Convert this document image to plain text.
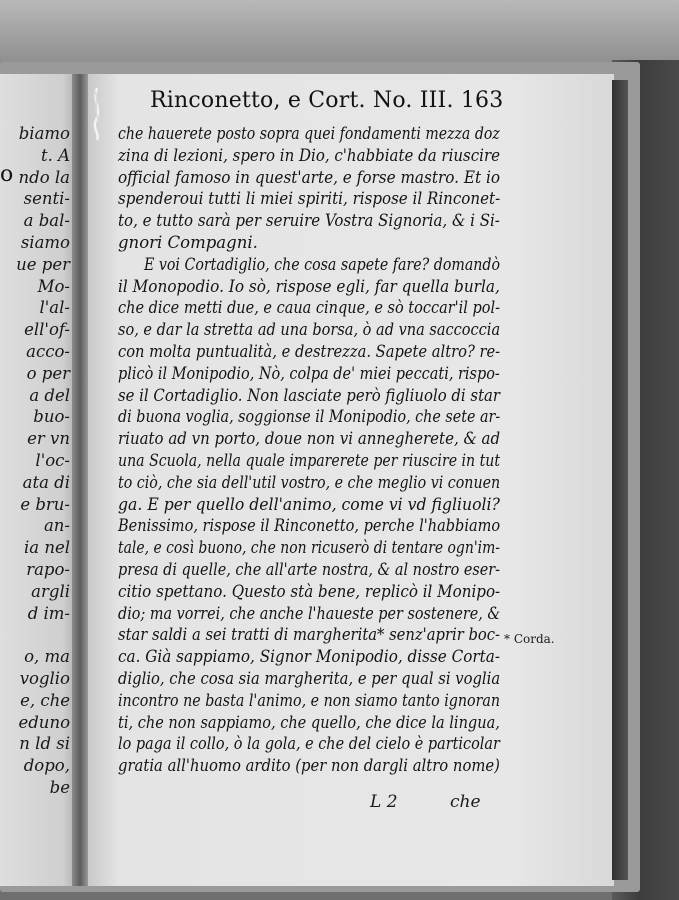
o
biamo
t. A
ndo la
senti-
a bal-
siamo
ue per
Mo-
l'al-
ell'of-
acco-
o per
a del
buo-
er vn
l'oc-
ata di
e bru-
an-
ia nel
rapo-
argli
d im-
o, ma
voglio
e, che
eduno
n ld si
dopo,
be
Rinconetto, e Cort. No. III. 163
che hauerete posto sopra quei fondamenti mezza doz
zina di lezioni, spero in Dio, c'habbiate da riuscire
official famoso in quest'arte, e forse mastro. Et io
spenderoui tutti li miei spiriti, rispose il Rinconet-
to, e tutto sarà per seruire Vostra Signoria, & i Si-
gnori Compagni.
E voi Cortadiglio, che cosa sapete fare? domandò
il Monopodio. Io sò, rispose egli, far quella burla,
che dice metti due, e caua cinque, e sò toccar'il pol-
so, e dar la stretta ad una borsa, ò ad vna saccoccia
con molta puntualità, e destrezza. Sapete altro? re-
plicò il Monipodio, Nò, colpa de' miei peccati, rispo-
se il Cortadiglio. Non lasciate però figliuolo di star
di buona voglia, soggionse il Monipodio, che sete ar-
riuato ad vn porto, doue non vi annegherete, & ad
una Scuola, nella quale imparerete per riuscire in tut
to ciò, che sia dell'util vostro, e che meglio vi conuen
ga. E per quello dell'animo, come vi vd figliuoli?
Benissimo, rispose il Rinconetto, perche l'habbiamo
tale, e così buono, che non ricuserò di tentare ogn'im-
presa di quelle, che all'arte nostra, & al nostro eser-
citio spettano. Questo stà bene, replicò il Monipo-
dio; ma vorrei, che anche l'haueste per sostenere, &
star saldi a sei tratti di margherita* senz'aprir boc-
ca. Già sappiamo, Signor Monipodio, disse Corta-
diglio, che cosa sia margherita, e per qual si voglia
incontro ne basta l'animo, e non siamo tanto ignoran
ti, che non sappiamo, che quello, che dice la lingua,
lo paga il collo, ò la gola, e che del cielo è particolar
gratia all'huomo ardito (per non dargli altro nome)
* Corda.
L 2	che
